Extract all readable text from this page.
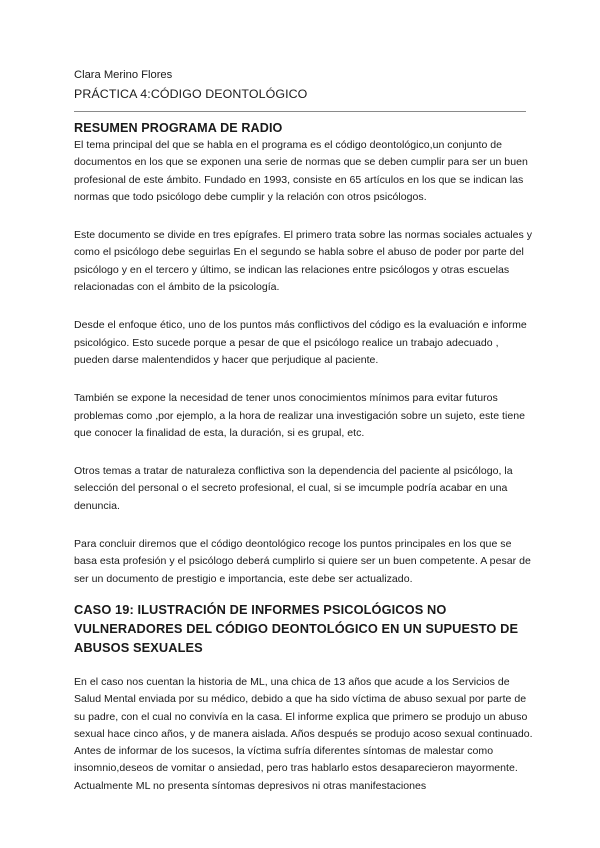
Clara Merino Flores

PRÁCTICA 4:CÓDIGO DEONTOLÓGICO

RESUMEN PROGRAMA DE RADIO

El tema principal del que se habla en el programa es el código deontológico,un conjunto de documentos en los que se exponen una serie de normas que se deben cumplir para ser un buen profesional de este ámbito. Fundado en 1993, consiste en 65 artículos en los que se indican las normas que todo psicólogo debe cumplir y la relación con otros psicólogos.

Este documento se divide en tres epígrafes. El primero trata sobre las normas sociales actuales y como el psicólogo debe seguirlas En el segundo se habla sobre el abuso de poder por parte del psicólogo y en el tercero y último, se indican las relaciones entre psicólogos y otras escuelas relacionadas con el ámbito de la psicología.

Desde el enfoque ético, uno de los puntos más conflictivos del código es la evaluación e informe psicológico. Esto sucede porque a pesar de que el psicólogo realice un trabajo adecuado , pueden darse malentendidos y hacer que perjudique al paciente.

También se expone la necesidad de tener unos conocimientos mínimos para evitar futuros problemas como ,por ejemplo, a la hora de realizar una investigación sobre un sujeto, este tiene que conocer la finalidad de esta, la duración, si es grupal, etc.

Otros temas a tratar de naturaleza conflictiva son la dependencia del paciente al psicólogo, la selección del personal o el secreto profesional, el cual, si se imcumple podría acabar en una denuncia.

Para concluir diremos que el código deontológico recoge los puntos principales en los que se basa esta profesión y el psicólogo deberá cumplirlo si quiere ser un buen competente. A pesar de ser un documento de prestigio e importancia, este debe ser actualizado.

CASO 19: ILUSTRACIÓN DE INFORMES PSICOLÓGICOS NO VULNERADORES DEL CÓDIGO DEONTOLÓGICO EN UN SUPUESTO DE ABUSOS SEXUALES

En el caso nos cuentan la historia de ML, una chica de 13 años que acude a los Servicios de Salud Mental enviada por su médico, debido a que ha sido víctima de abuso sexual por parte de su padre, con el cual no convivía en la casa. El informe explica que primero se produjo un abuso sexual hace cinco años, y de manera aislada. Años después se produjo acoso sexual continuado.

Antes de informar de los sucesos, la víctima sufría diferentes síntomas de malestar como insomnio,deseos de vomitar o ansiedad, pero tras hablarlo estos desaparecieron mayormente. Actualmente ML no presenta síntomas depresivos ni otras manifestaciones
